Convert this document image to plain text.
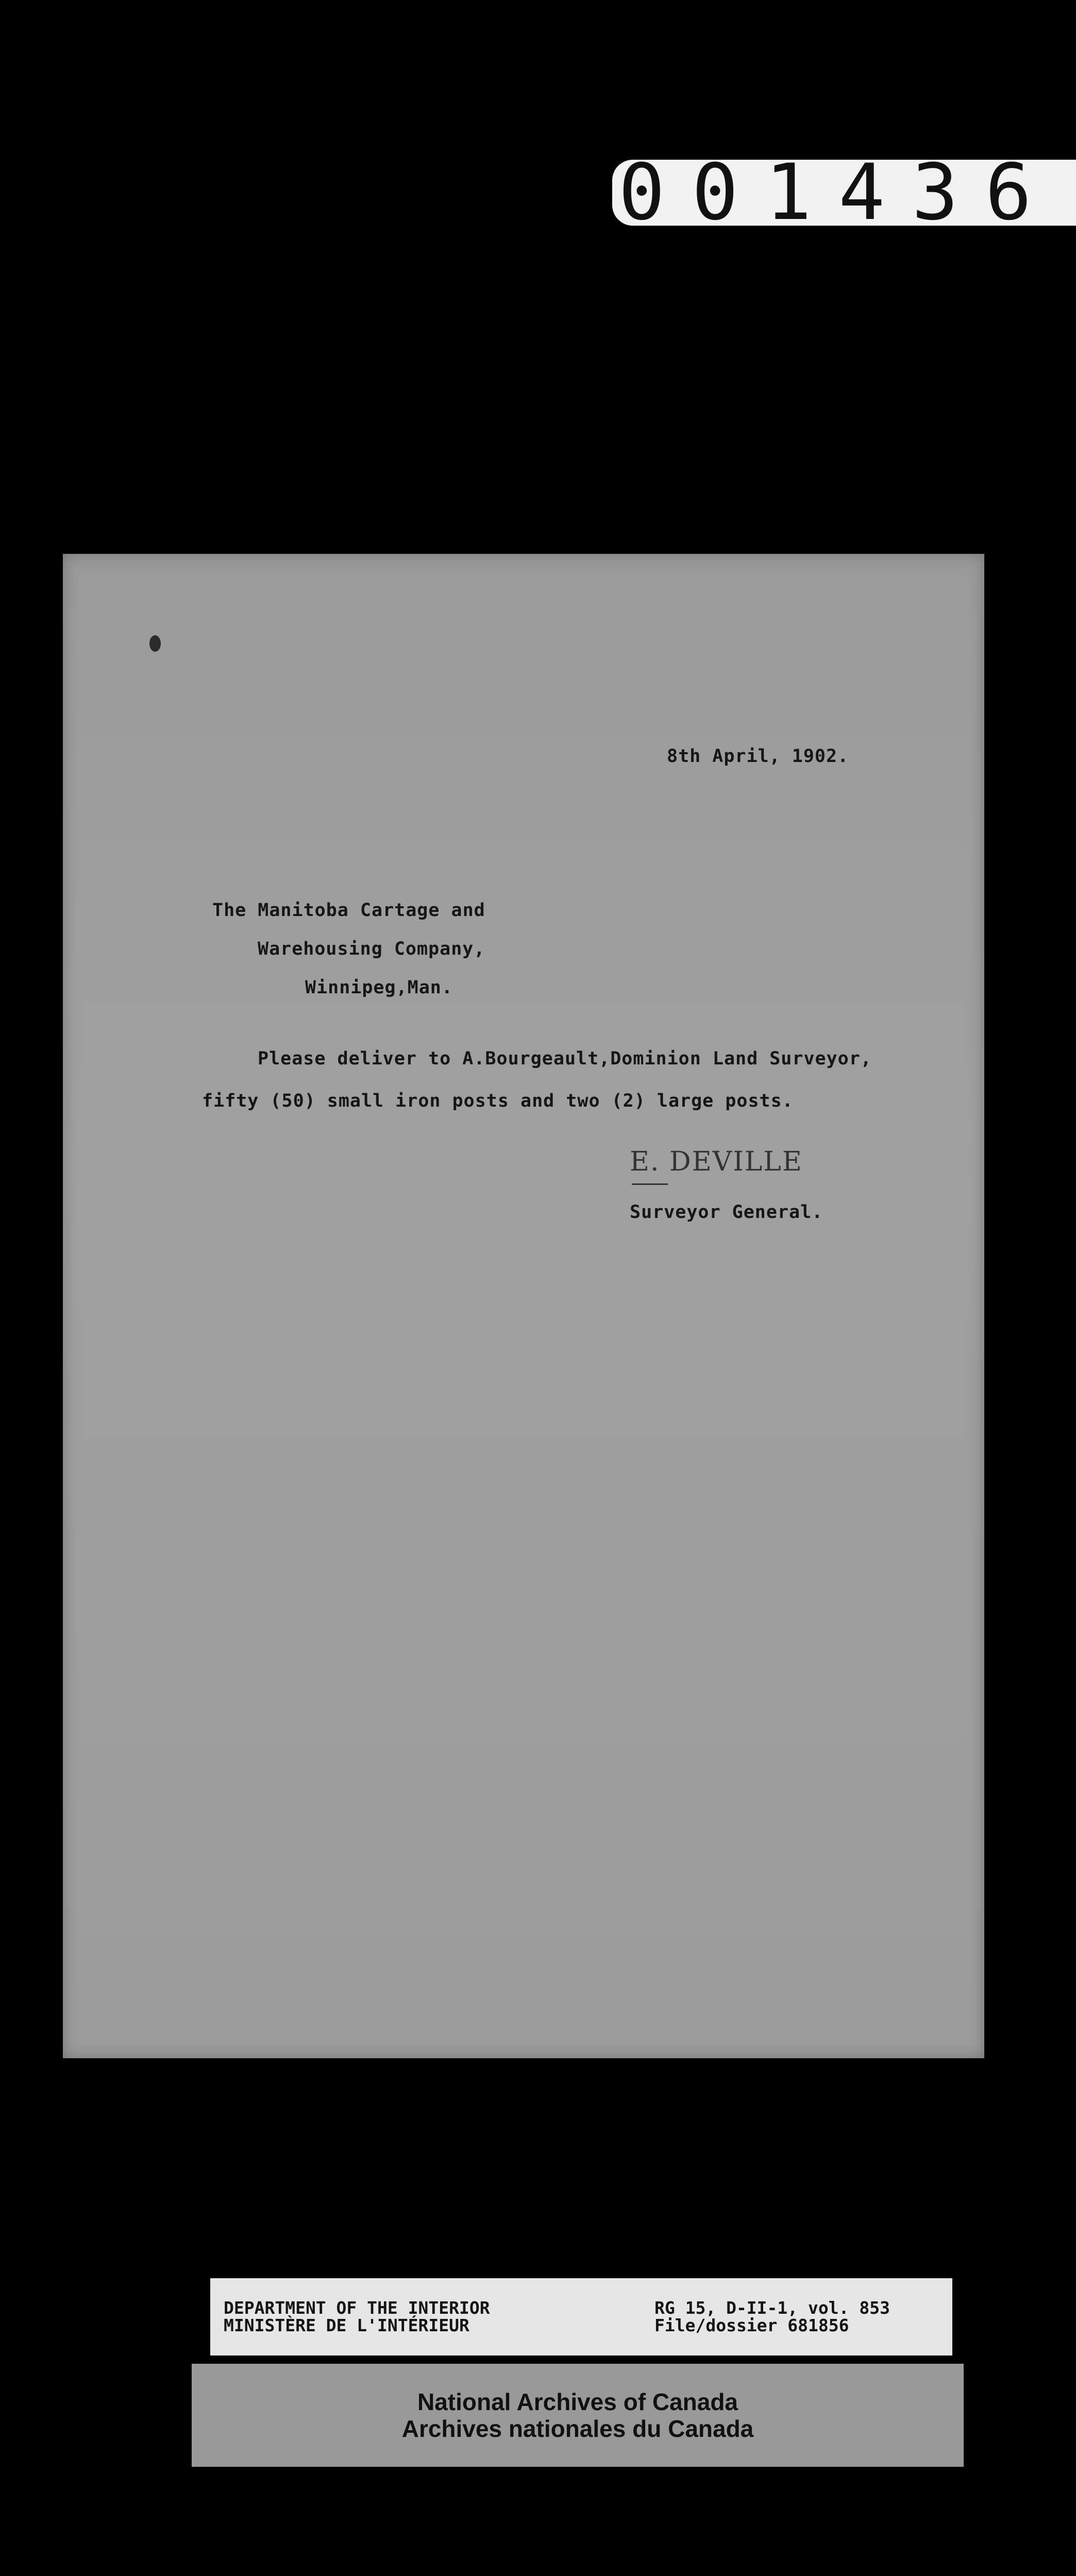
001436
8th April, 1902.
The Manitoba Cartage and
Warehousing Company,
Winnipeg,Man.
Please deliver to A.Bourgeault,Dominion Land Surveyor,
fifty (50) small iron posts and two (2) large posts.
E. DEVILLE
Surveyor General.
DEPARTMENT OF THE INTERIOR
MINISTÈRE DE L'INTÉRIEUR
RG 15, D-II-1, vol. 853
File/dossier 681856
National Archives of Canada
Archives nationales du Canada
